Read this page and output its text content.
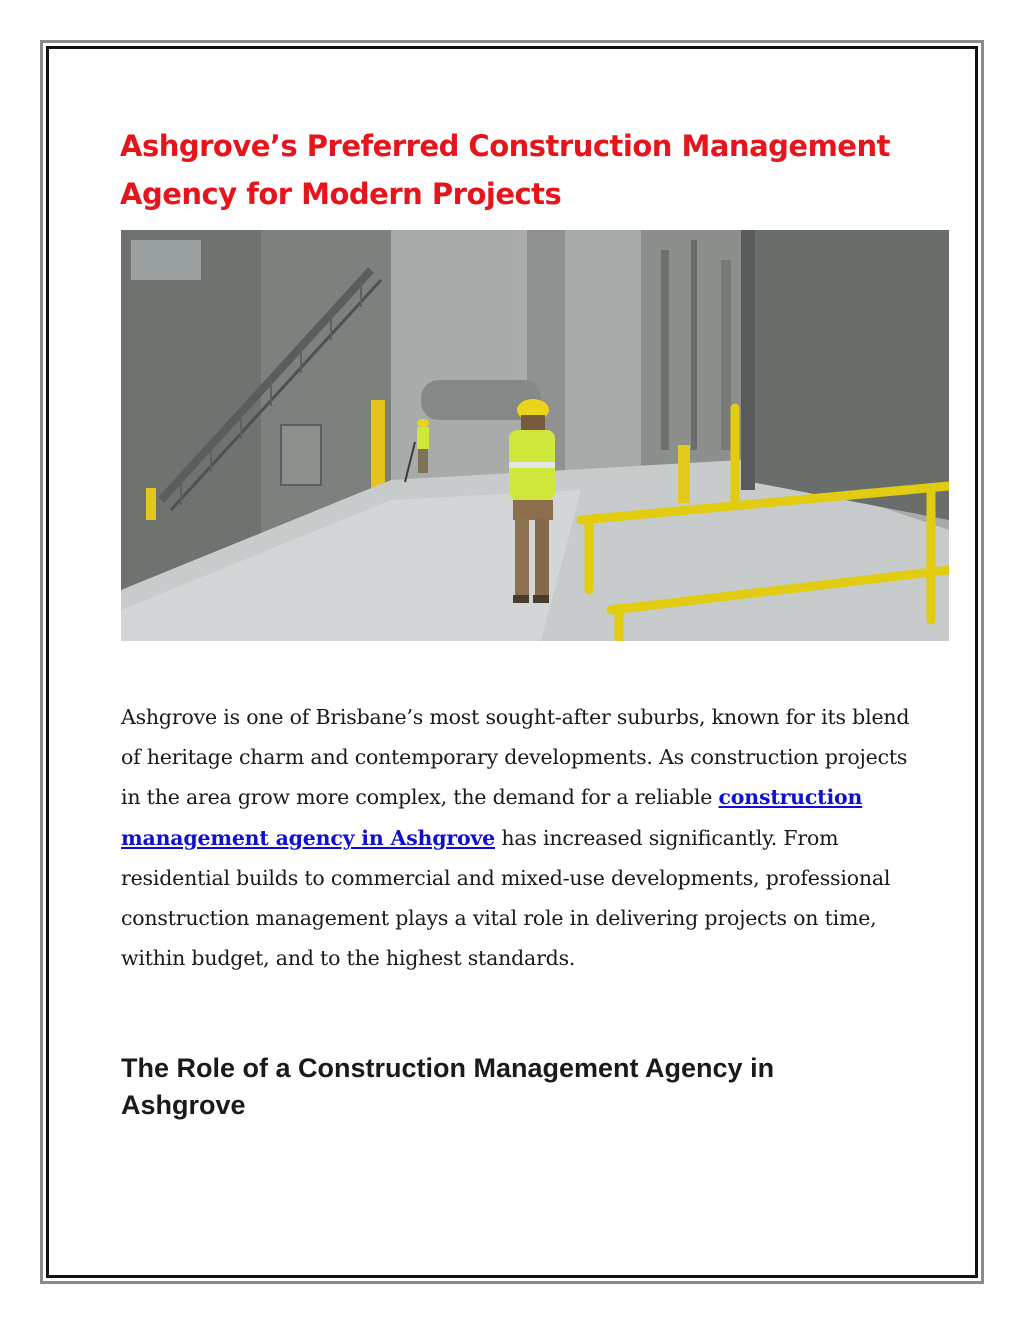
Ashgrove’s Preferred Construction Management Agency for Modern Projects

Ashgrove is one of Brisbane’s most sought-after suburbs, known for its blend of heritage charm and contemporary developments. As construction projects in the area grow more complex, the demand for a reliable construction management agency in Ashgrove has increased significantly. From residential builds to commercial and mixed-use developments, professional construction management plays a vital role in delivering projects on time, within budget, and to the highest standards.

The Role of a Construction Management Agency in Ashgrove
